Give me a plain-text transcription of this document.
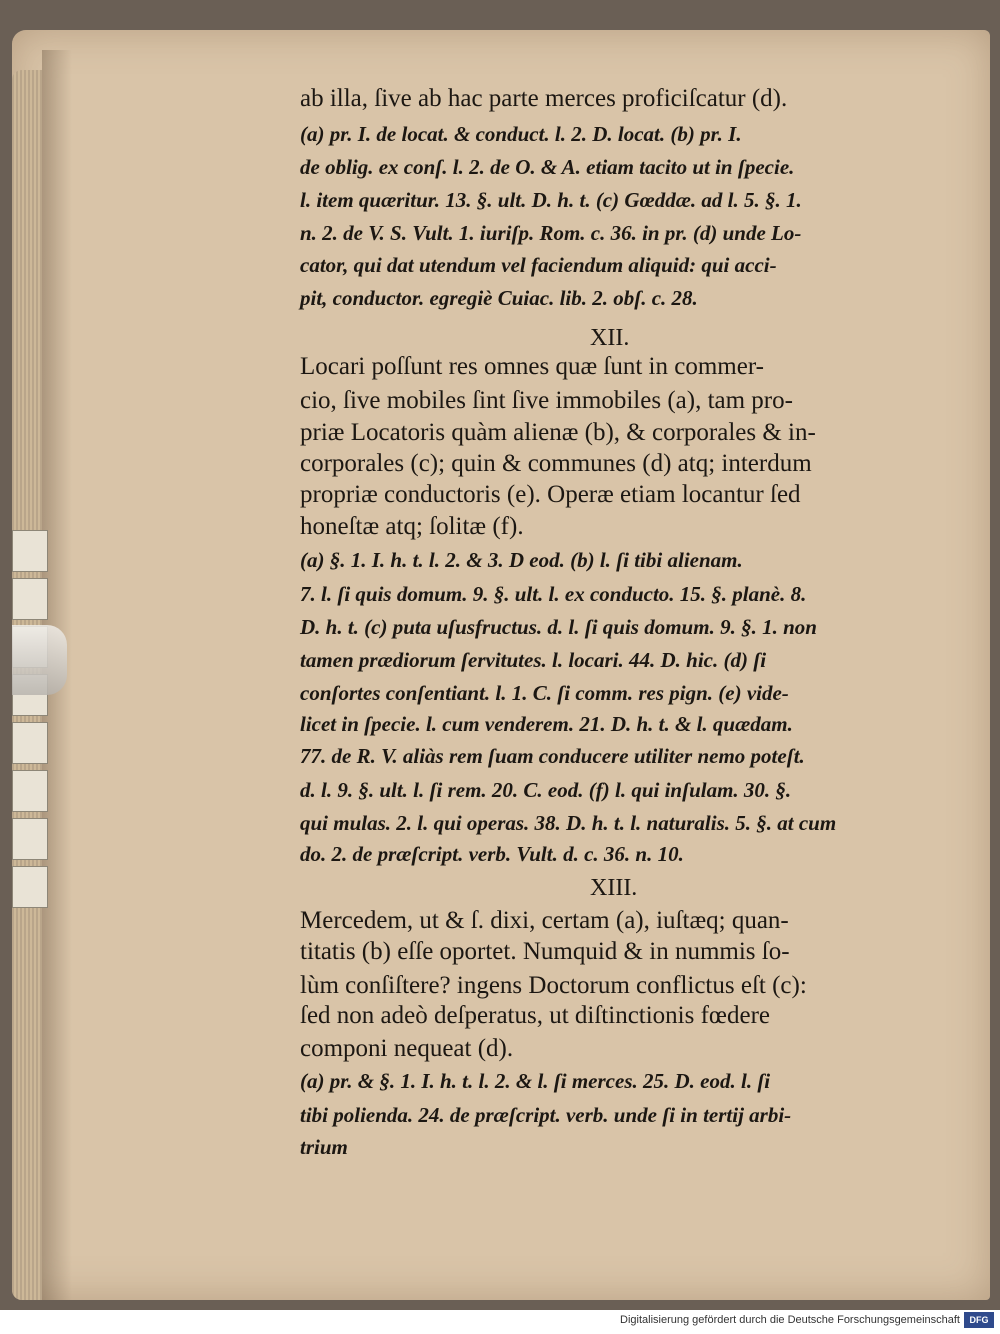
ab illa, ſive ab hac parte merces proficiſcatur (d).
(a) pr. I. de locat. & conduct. l. 2. D. locat. (b) pr. I.
de oblig. ex conſ. l. 2. de O. & A. etiam tacito ut in ſpecie.
l. item quæritur. 13. §. ult. D. h. t. (c) Gœddæ. ad l. 5. §. 1.
n. 2. de V. S. Vult. 1. iuriſp. Rom. c. 36. in pr. (d) unde Lo-
cator, qui dat utendum vel faciendum aliquid: qui acci-
pit, conductor. egregiè Cuiac. lib. 2. obſ. c. 28.
XII.
Locari poſſunt res omnes quæ ſunt in commer-
cio, ſive mobiles ſint ſive immobiles (a), tam pro-
priæ Locatoris quàm alienæ (b), & corporales & in-
corporales (c); quin & communes (d) atq; interdum
propriæ conductoris (e). Operæ etiam locantur ſed
honeſtæ atq; ſolitæ (f).
(a) §. 1. I. h. t. l. 2. & 3. D eod. (b) l. ſi tibi alienam.
7. l. ſi quis domum. 9. §. ult. l. ex conducto. 15. §. planè. 8.
D. h. t. (c) puta uſusfructus. d. l. ſi quis domum. 9. §. 1. non
tamen prædiorum ſervitutes. l. locari. 44. D. hic. (d) ſi
conſortes conſentiant. l. 1. C. ſi comm. res pign. (e) vide-
licet in ſpecie. l. cum venderem. 21. D. h. t. & l. quædam.
77. de R. V. aliàs rem ſuam conducere utiliter nemo poteſt.
d. l. 9. §. ult. l. ſi rem. 20. C. eod. (f) l. qui inſulam. 30. §.
qui mulas. 2. l. qui operas. 38. D. h. t. l. naturalis. 5. §. at cum
do. 2. de præſcript. verb. Vult. d. c. 36. n. 10.
XIII.
Mercedem, ut & ſ. dixi, certam (a), iuſtæq; quan-
titatis (b) eſſe oportet. Numquid & in nummis ſo-
lùm conſiſtere? ingens Doctorum conflictus eſt (c):
ſed non adeò deſperatus, ut diſtinctionis fœdere
componi nequeat (d).
(a) pr. & §. 1. I. h. t. l. 2. & l. ſi merces. 25. D. eod. l. ſi
tibi polienda. 24. de præſcript. verb. unde ſi in tertij arbi-
trium
Digitalisierung gefördert durch die Deutsche Forschungsgemeinschaft	DFG
